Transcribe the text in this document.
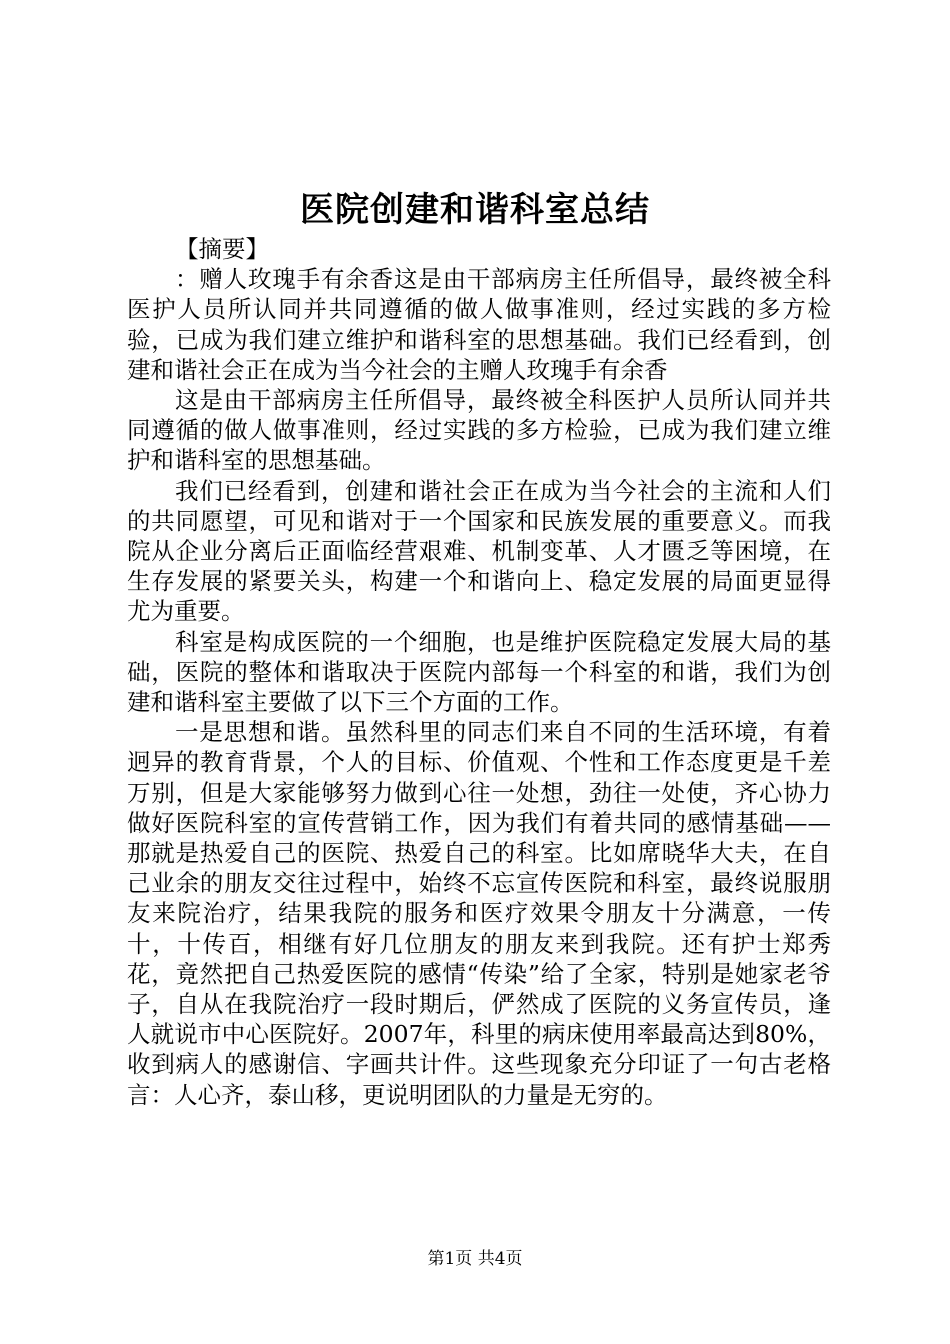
医院创建和谐科室总结

【摘要】

：赠人玫瑰手有余香这是由干部病房主任所倡导，最终被全科医护人员所认同并共同遵循的做人做事准则，经过实践的多方检验，已成为我们建立维护和谐科室的思想基础。我们已经看到，创建和谐社会正在成为当今社会的主赠人玫瑰手有余香

这是由干部病房主任所倡导，最终被全科医护人员所认同并共同遵循的做人做事准则，经过实践的多方检验，已成为我们建立维护和谐科室的思想基础。

我们已经看到，创建和谐社会正在成为当今社会的主流和人们的共同愿望，可见和谐对于一个国家和民族发展的重要意义。而我院从企业分离后正面临经营艰难、机制变革、人才匮乏等困境，在生存发展的紧要关头，构建一个和谐向上、稳定发展的局面更显得尤为重要。

科室是构成医院的一个细胞，也是维护医院稳定发展大局的基础，医院的整体和谐取决于医院内部每一个科室的和谐，我们为创建和谐科室主要做了以下三个方面的工作。

一是思想和谐。虽然科里的同志们来自不同的生活环境，有着迥异的教育背景，个人的目标、价值观、个性和工作态度更是千差万别，但是大家能够努力做到心往一处想，劲往一处使，齐心协力做好医院科室的宣传营销工作，因为我们有着共同的感情基础——那就是热爱自己的医院、热爱自己的科室。比如席晓华大夫，在自己业余的朋友交往过程中，始终不忘宣传医院和科室，最终说服朋友来院治疗，结果我院的服务和医疗效果令朋友十分满意，一传十，十传百，相继有好几位朋友的朋友来到我院。还有护士郑秀花，竟然把自己热爱医院的感情“传染”给了全家，特别是她家老爷子，自从在我院治疗一段时期后，俨然成了医院的义务宣传员，逢人就说市中心医院好。2007年，科里的病床使用率最高达到80%，收到病人的感谢信、字画共计件。这些现象充分印证了一句古老格言：人心齐，泰山移，更说明团队的力量是无穷的。

第1页 共4页
